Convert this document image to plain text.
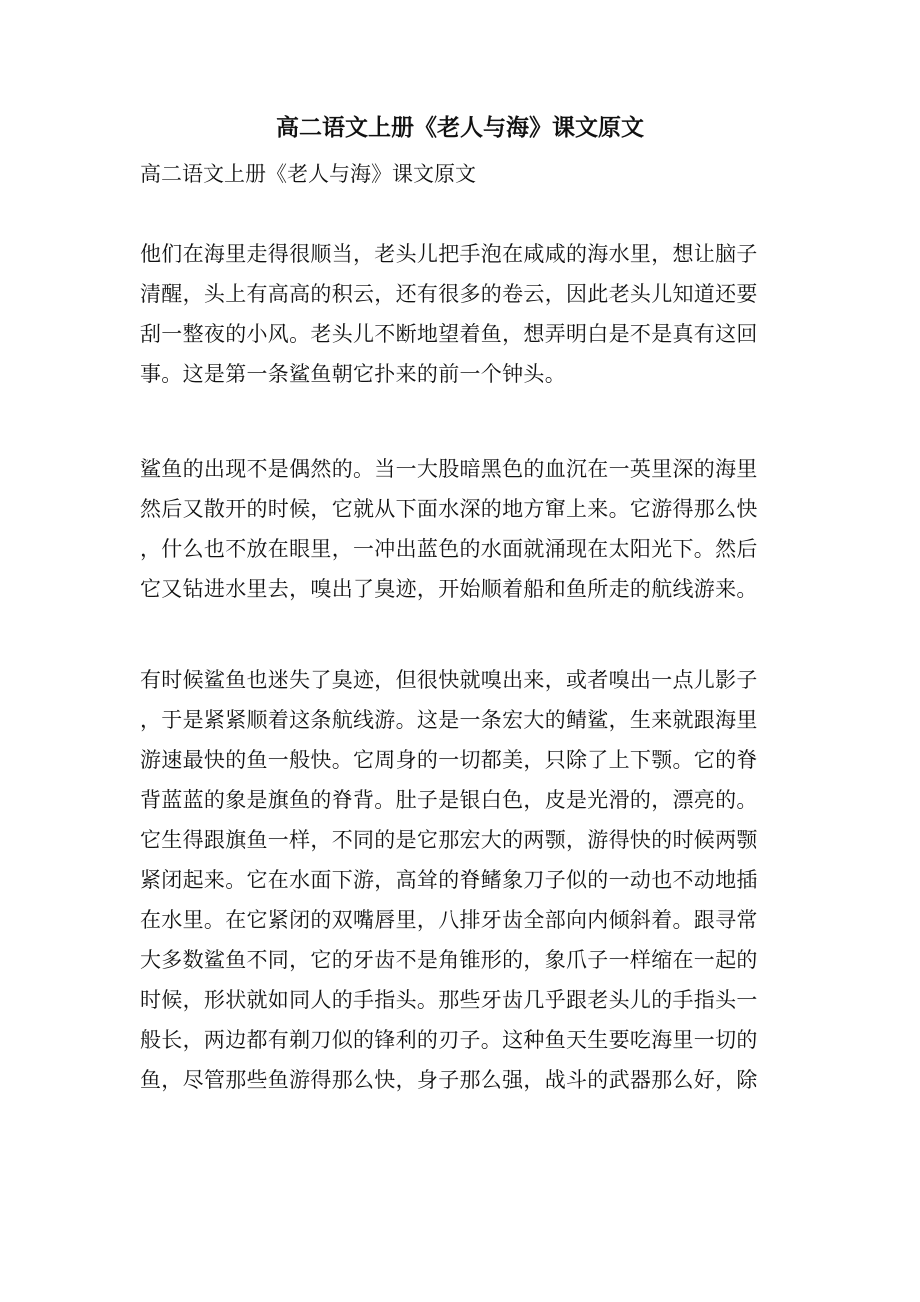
高二语文上册《老人与海》课文原文
高二语文上册《老人与海》课文原文
他们在海里走得很顺当，老头儿把手泡在咸咸的海水里，想让脑子
清醒，头上有高高的积云，还有很多的卷云，因此老头儿知道还要
刮一整夜的小风。老头儿不断地望着鱼，想弄明白是不是真有这回
事。这是第一条鲨鱼朝它扑来的前一个钟头。
鲨鱼的出现不是偶然的。当一大股暗黑色的血沉在一英里深的海里
然后又散开的时候，它就从下面水深的地方窜上来。它游得那么快
，什么也不放在眼里，一冲出蓝色的水面就涌现在太阳光下。然后
它又钻进水里去，嗅出了臭迹，开始顺着船和鱼所走的航线游来。
有时候鲨鱼也迷失了臭迹，但很快就嗅出来，或者嗅出一点儿影子
，于是紧紧顺着这条航线游。这是一条宏大的鲭鲨，生来就跟海里
游速最快的鱼一般快。它周身的一切都美，只除了上下颚。它的脊
背蓝蓝的象是旗鱼的脊背。肚子是银白色，皮是光滑的，漂亮的。
它生得跟旗鱼一样，不同的是它那宏大的两颚，游得快的时候两颚
紧闭起来。它在水面下游，高耸的脊鳍象刀子似的一动也不动地插
在水里。在它紧闭的双嘴唇里，八排牙齿全部向内倾斜着。跟寻常
大多数鲨鱼不同，它的牙齿不是角锥形的，象爪子一样缩在一起的
时候，形状就如同人的手指头。那些牙齿几乎跟老头儿的手指头一
般长，两边都有剃刀似的锋利的刃子。这种鱼天生要吃海里一切的
鱼，尽管那些鱼游得那么快，身子那么强，战斗的武器那么好，除
